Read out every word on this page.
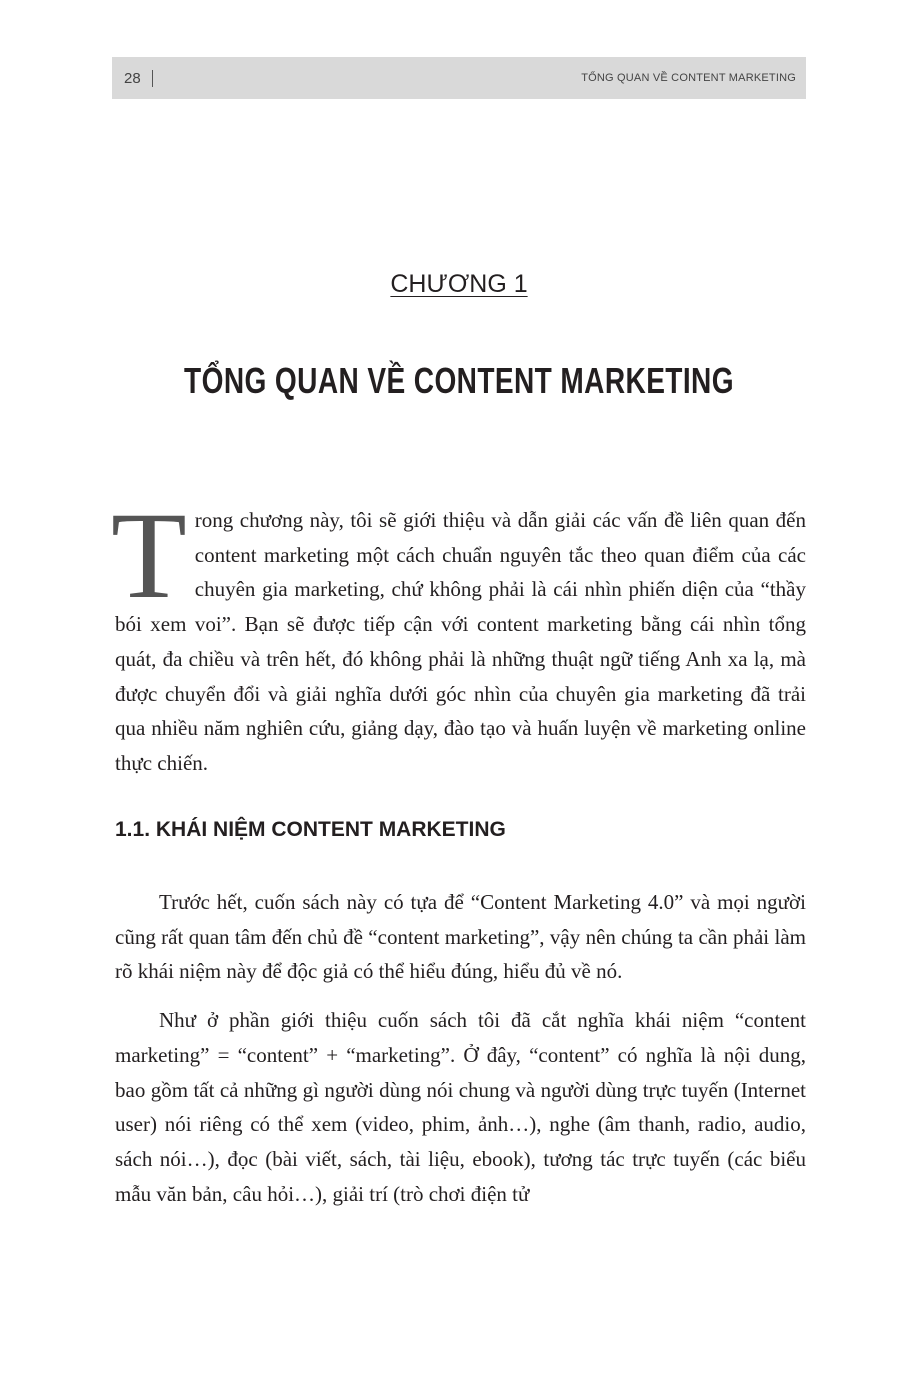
28	TỔNG QUAN VỀ CONTENT MARKETING
CHƯƠNG 1
TỔNG QUAN VỀ CONTENT MARKETING
T rong chương này, tôi sẽ giới thiệu và dẫn giải các vấn đề liên quan đến content marketing một cách chuẩn nguyên tắc theo quan điểm của các chuyên gia marketing, chứ không phải là cái nhìn phiến diện của “thầy bói xem voi”. Bạn sẽ được tiếp cận với content marketing bằng cái nhìn tổng quát, đa chiều và trên hết, đó không phải là những thuật ngữ tiếng Anh xa lạ, mà được chuyển đổi và giải nghĩa dưới góc nhìn của chuyên gia marketing đã trải qua nhiều năm nghiên cứu, giảng dạy, đào tạo và huấn luyện về marketing online thực chiến.
1.1. KHÁI NIỆM CONTENT MARKETING

Trước hết, cuốn sách này có tựa để “Content Marketing 4.0” và mọi người cũng rất quan tâm đến chủ đề “content marketing”, vậy nên chúng ta cần phải làm rõ khái niệm này để độc giả có thể hiểu đúng, hiểu đủ về nó.

Như ở phần giới thiệu cuốn sách tôi đã cắt nghĩa khái niệm “content marketing” = “content” + “marketing”. Ở đây, “content” có nghĩa là nội dung, bao gồm tất cả những gì người dùng nói chung và người dùng trực tuyến (Internet user) nói riêng có thể xem (video, phim, ảnh…), nghe (âm thanh, radio, audio, sách nói…), đọc (bài viết, sách, tài liệu, ebook), tương tác trực tuyến (các biểu mẫu văn bản, câu hỏi…), giải trí (trò chơi điện tử
